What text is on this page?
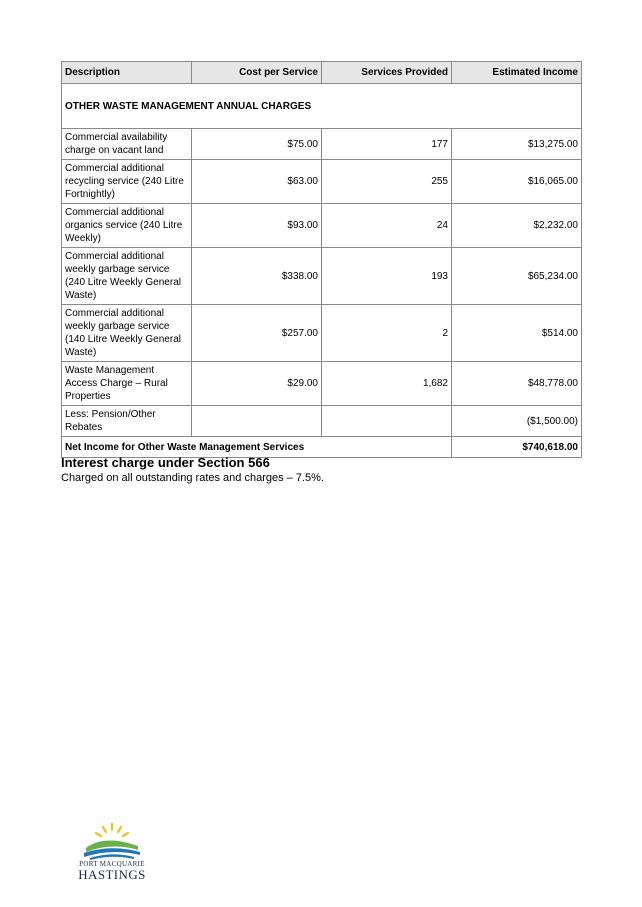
Description	Cost per Service	Services Provided	Estimated Income
OTHER WASTE MANAGEMENT ANNUAL CHARGES			
Commercial availability charge on vacant land	$75.00	177	$13,275.00
Commercial additional recycling service (240 Litre Fortnightly)	$63.00	255	$16,065.00
Commercial additional organics service (240 Litre Weekly)	$93.00	24	$2,232.00
Commercial additional weekly garbage service (240 Litre Weekly General Waste)	$338.00	193	$65,234.00
Commercial additional weekly garbage service (140 Litre Weekly General Waste)	$257.00	2	$514.00
Waste Management Access Charge – Rural Properties	$29.00	1,682	$48,778.00
Less: Pension/Other Rebates			($1,500.00)
Net Income for Other Waste Management Services			$740,618.00
Interest charge under Section 566

Charged on all outstanding rates and charges – 7.5%.

PORT MACQUARIE
HASTINGS
